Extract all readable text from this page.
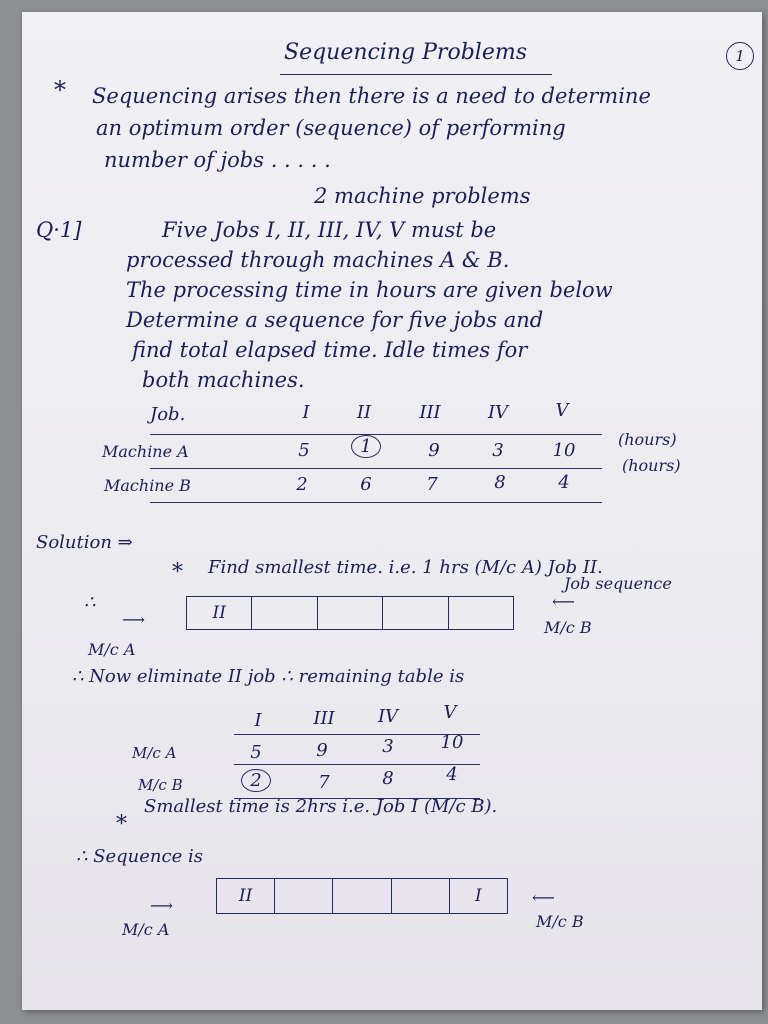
1
Sequencing Problems
* Sequencing arises then there is a need to determine
an optimum order (sequence) of performing
number of jobs . . . . .
2 machine problems
Q·1]	Five Jobs I, II, III, IV, V must be
processed through machines A & B.
The processing time in hours are given below
Determine a sequence for five jobs and
find total elapsed time. Idle times for
both machines.
Job.	I	II	III	IV	V
Machine A	5	1	9	3	10
(hours)
Machine B	2	6	7	8	4
(hours)
Solution ⇒
* Find smallest time. i.e. 1 hrs (M/c A) Job II.
Job sequence
∴
⟶	II
⟵
M/c B
M/c A
∴ Now eliminate II job ∴ remaining table is
I	III	IV	V
M/c A	5	9	3	10
M/c B	2	7	8	4
*
Smallest time is 2hrs i.e. Job I (M/c B).
∴ Sequence is
II	I
⟶	⟵
M/c A	M/c B
